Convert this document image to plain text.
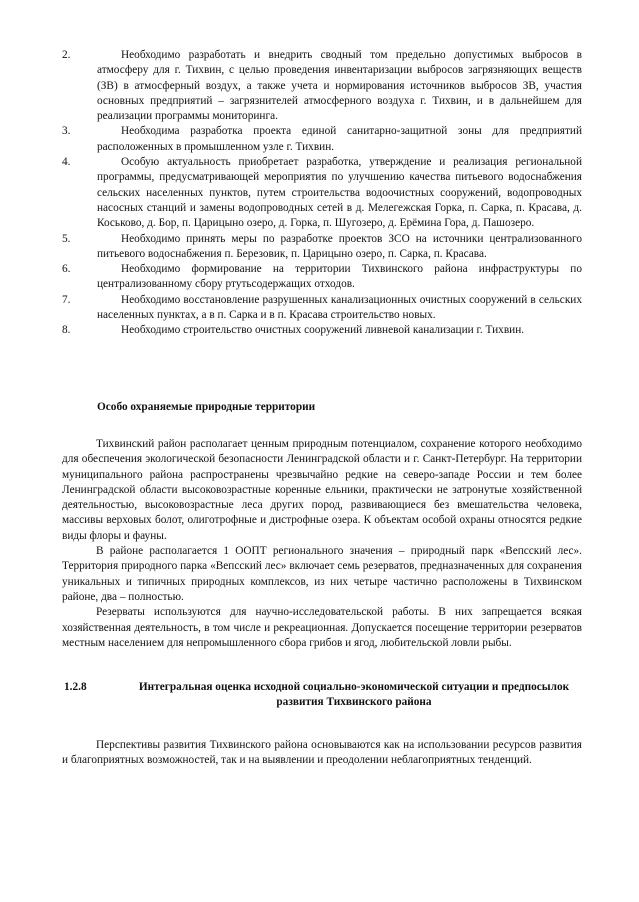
2.	Необходимо разработать и внедрить сводный том предельно допустимых выбросов в атмосферу для г. Тихвин, с целью проведения инвентаризации выбросов загрязняющих веществ (ЗВ) в атмосферный воздух, а также учета и нормирования источников выбросов ЗВ, участия основных предприятий – загрязнителей атмосферного воздуха г. Тихвин, и в дальнейшем для реализации программы мониторинга.
3.	Необходима разработка проекта единой санитарно-защитной зоны для предприятий расположенных в промышленном узле г. Тихвин.
4.	Особую актуальность приобретает разработка, утверждение и реализация региональной программы, предусматривающей мероприятия по улучшению качества питьевого водоснабжения сельских населенных пунктов, путем строительства водоочистных сооружений, водопроводных насосных станций и замены водопроводных сетей в д. Мелегежская Горка, п. Сарка, п. Красава, д. Коськово, д. Бор, п. Царицыно озеро, д. Горка, п. Шугозеро, д. Ерёмина Гора, д. Пашозеро.
5.	Необходимо принять меры по разработке проектов ЗСО на источники централизованного питьевого водоснабжения п. Березовик, п. Царицыно озеро, п. Сарка, п. Красава.
6.	Необходимо формирование на территории Тихвинского района инфраструктуры по централизованному сбору ртутьсодержащих отходов.
7.	Необходимо восстановление разрушенных канализационных очистных сооружений в сельских населенных пунктах, а в п. Сарка и в п. Красава строительство новых.
8.	Необходимо строительство очистных сооружений ливневой канализации г. Тихвин.
Особо охраняемые природные территории

Тихвинский район располагает ценным природным потенциалом, сохранение которого необходимо для обеспечения экологической безопасности Ленинградской области и г. Санкт-Петербург. На территории муниципального района распространены чрезвычайно редкие на северо-западе России и тем более Ленинградской области высоковозрастные коренные ельники, практически не затронутые хозяйственной деятельностью, высоковозрастные леса других пород, развивающиеся без вмешательства человека, массивы верховых болот, олиготрофные и дистрофные озера. К объектам особой охраны относятся редкие виды флоры и фауны.

В районе располагается 1 ООПТ регионального значения – природный парк «Вепсский лес». Территория природного парка «Вепсский лес» включает семь резерватов, предназначенных для сохранения уникальных и типичных природных комплексов, из них четыре частично расположены в Тихвинском районе, два – полностью.

Резерваты используются для научно-исследовательской работы. В них запрещается всякая хозяйственная деятельность, в том числе и рекреационная. Допускается посещение территории резерватов местным населением для непромышленного сбора грибов и ягод, любительской ловли рыбы.

1.2.8	Интегральная оценка исходной социально-экономической ситуации и предпосылок развития Тихвинского района

Перспективы развития Тихвинского района основываются как на использовании ресурсов развития и благоприятных возможностей, так и на выявлении и преодолении неблагоприятных тенденций.
